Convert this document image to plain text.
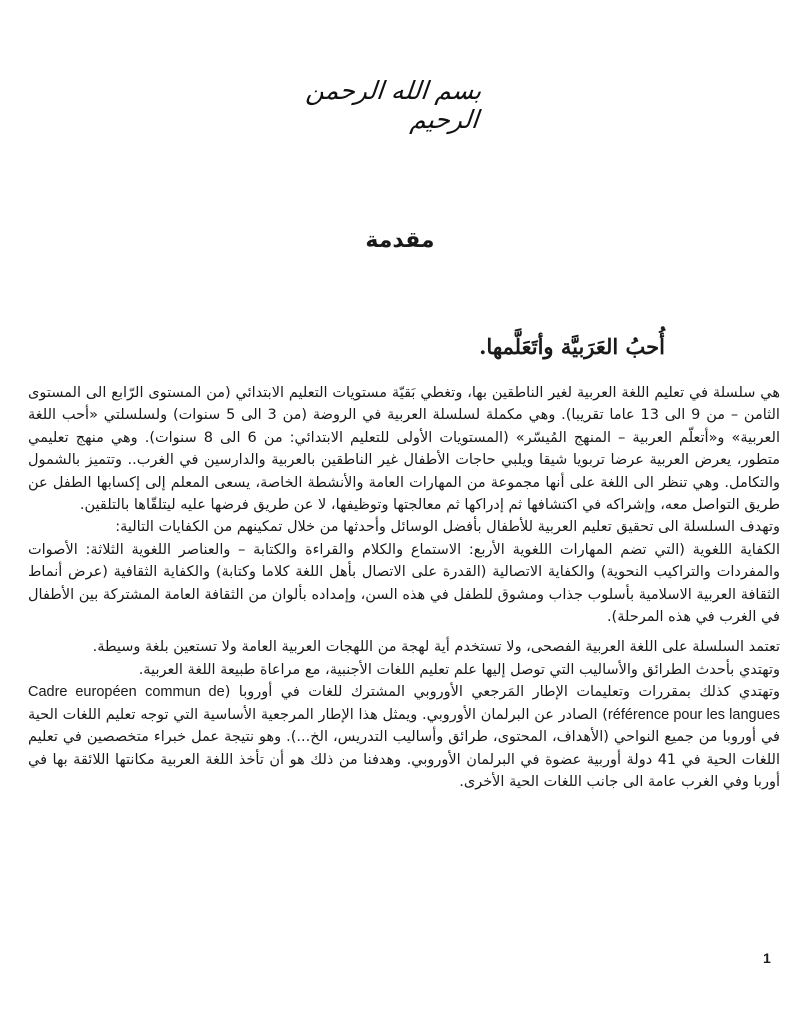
بسم الله الرحمن الرحيم
مقدمة
أُحبُ العَرَبيَّة وأتَعَلَّمها.

هي سلسلة في تعليم اللغة العربية لغير الناطقين بها، وتغطي بَقيّة مستويات التعليم الابتدائي (من المستوى الرّابع الى المستوى الثامن – من 9 الى 13 عاما تقريبا). وهي مكملة لسلسلة العربية في الروضة (من 3 الى 5 سنوات) ولسلسلتي «أحب اللغة العربية» و«أتعلّم العربية – المنهج المُيسّر» (المستويات الأولى للتعليم الابتدائي: من 6 الى 8 سنوات). وهي منهج تعليمي متطور، يعرض العربية عرضا تربويا شيقا ويلبي حاجات الأطفال غير الناطقين بالعربية والدارسين في الغرب.. وتتميز بالشمول والتكامل. وهي تنظر الى اللغة على أنها مجموعة من المهارات العامة والأنشطة الخاصة، يسعى المعلم إلى إكسابها الطفل عن طريق التواصل معه، وإشراكه في اكتشافها ثم إدراكها ثم معالجتها وتوظيفها، لا عن طريق فرضها عليه ليتلقّاها بالتلقين.

وتهدف السلسلة الى تحقيق تعليم العربية للأطفال بأفضل الوسائل وأحدثها من خلال تمكينهم من الكفايات التالية:

الكفاية اللغوية (التي تضم المهارات اللغوية الأربع: الاستماع والكلام والقراءة والكتابة – والعناصر اللغوية الثلاثة: الأصوات والمفردات والتراكيب النحوية) والكفاية الاتصالية (القدرة على الاتصال بأهل اللغة كلاما وكتابة) والكفاية الثقافية (عرض أنماط الثقافة العربية الاسلامية بأسلوب جذاب ومشوق للطفل في هذه السن، وإمداده بألوان من الثقافة العامة المشتركة بين الأطفال في الغرب في هذه المرحلة).

تعتمد السلسلة على اللغة العربية الفصحى، ولا تستخدم أية لهجة من اللهجات العربية العامة ولا تستعين بلغة وسيطة.

وتهتدي بأحدث الطرائق والأساليب التي توصل إليها علم تعليم اللغات الأجنبية، مع مراعاة طبيعة اللغة العربية.

وتهتدي كذلك بمقررات وتعليمات الإطار المَرجعي الأوروبي المشترك للغات في أوروبا (Cadre européen commun de référence pour les langues) الصادر عن البرلمان الأوروبي. ويمثل هذا الإطار المرجعية الأساسية التي توجه تعليم اللغات الحية في أوروبا من جميع النواحي (الأهداف، المحتوى، طرائق وأساليب التدريس، الخ...). وهو نتيجة عمل خبراء متخصصين في تعليم اللغات الحية في 41 دولة أوربية عضوة في البرلمان الأوروبي. وهدفنا من ذلك هو أن تأخذ اللغة العربية مكانتها اللائقة بها في أوربا وفي الغرب عامة الى جانب اللغات الحية الأخرى.

1
